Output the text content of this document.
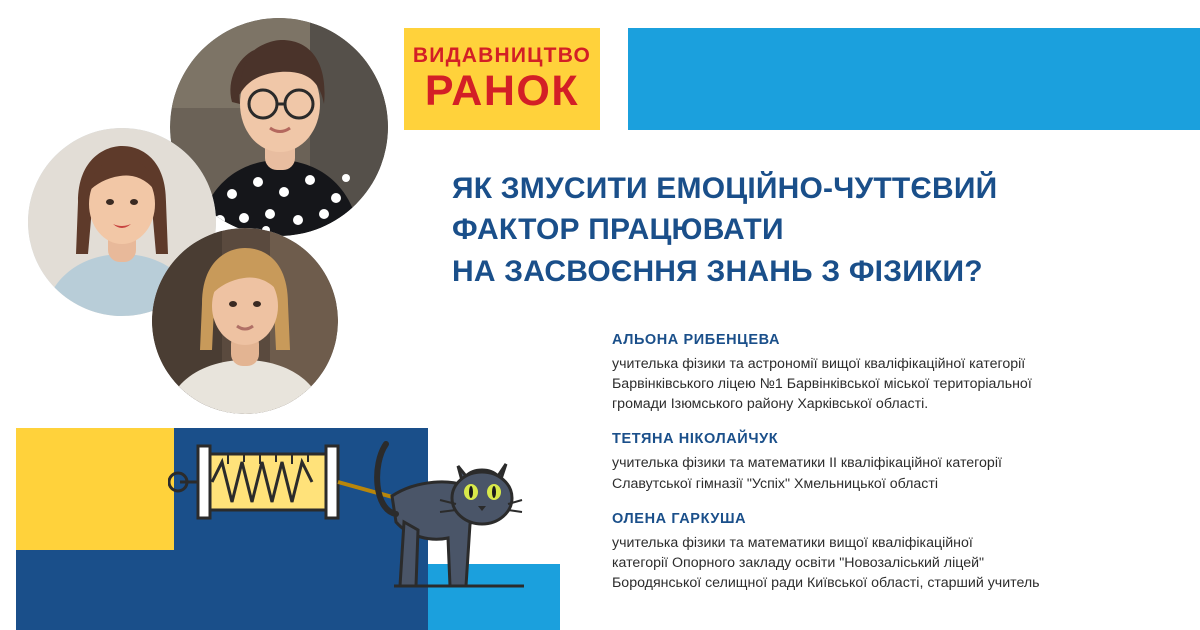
ВИДАВНИЦТВО
РАНОК
ЯК ЗМУСИТИ ЕМОЦІЙНО-ЧУТТЄВИЙ
ФАКТОР ПРАЦЮВАТИ
НА ЗАСВОЄННЯ ЗНАНЬ З ФІЗИКИ?
АЛЬОНА РИБЕНЦЕВА
учителька фізики та астрономії вищої кваліфікаційної категорії
Барвінківського ліцею №1 Барвінківської міської територіальної
громади Ізюмського району Харківської області.
ТЕТЯНА НІКОЛАЙЧУК
учителька фізики та математики ІІ кваліфікаційної категорії
Славутської гімназії "Успіх" Хмельницької області
ОЛЕНА ГАРКУША
учителька фізики та математики вищої кваліфікаційної
категорії Опорного закладу освіти "Новозаліський ліцей"
Бородянської селищної ради Київської області, старший учитель
